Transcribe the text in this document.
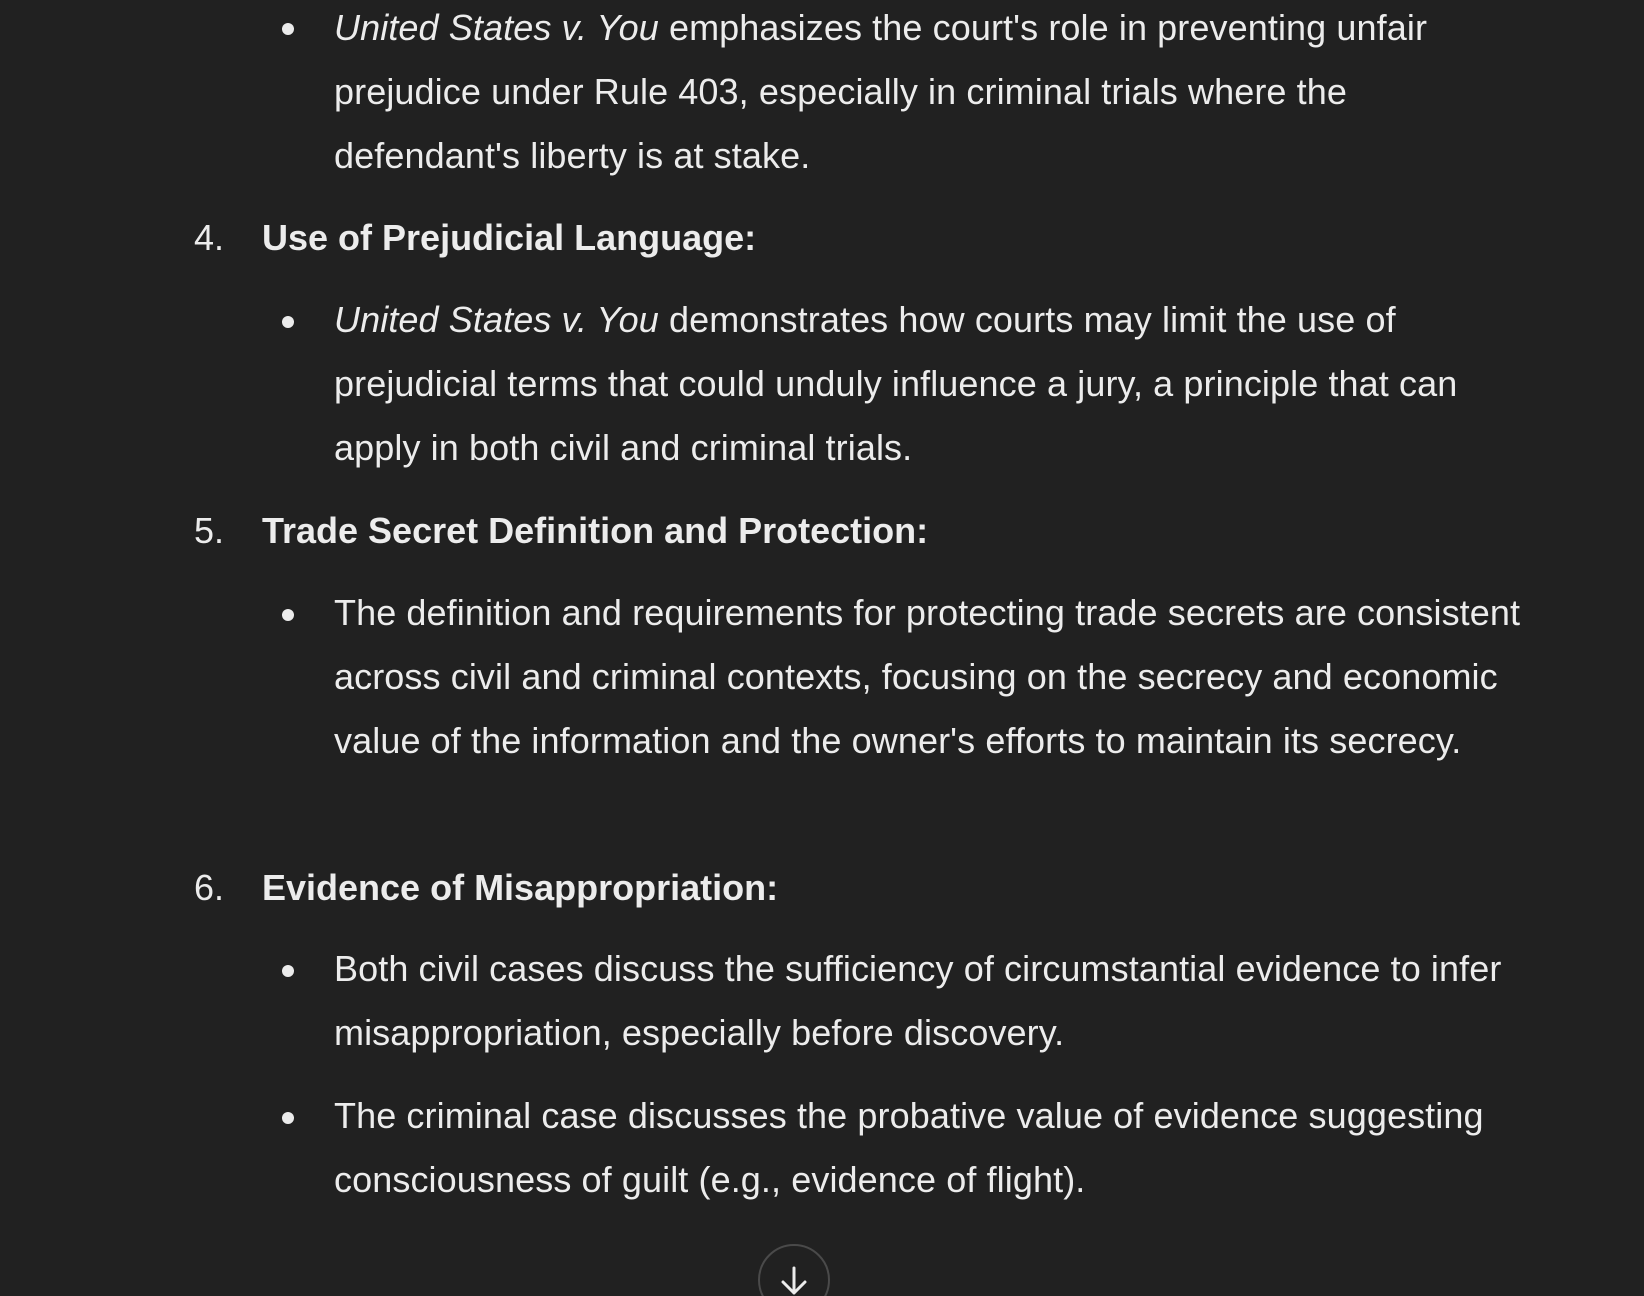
United States v. You emphasizes the court's role in preventing unfair prejudice under Rule 403, especially in criminal trials where the defendant's liberty is at stake.
4. Use of Prejudicial Language:
United States v. You demonstrates how courts may limit the use of prejudicial terms that could unduly influence a jury, a principle that can apply in both civil and criminal trials.
5. Trade Secret Definition and Protection:
The definition and requirements for protecting trade secrets are consistent across civil and criminal contexts, focusing on the secrecy and economic value of the information and the owner's efforts to maintain its secrecy.
6. Evidence of Misappropriation:
Both civil cases discuss the sufficiency of circumstantial evidence to infer misappropriation, especially before discovery.
The criminal case discusses the probative value of evidence suggesting consciousness of guilt (e.g., evidence of flight).
